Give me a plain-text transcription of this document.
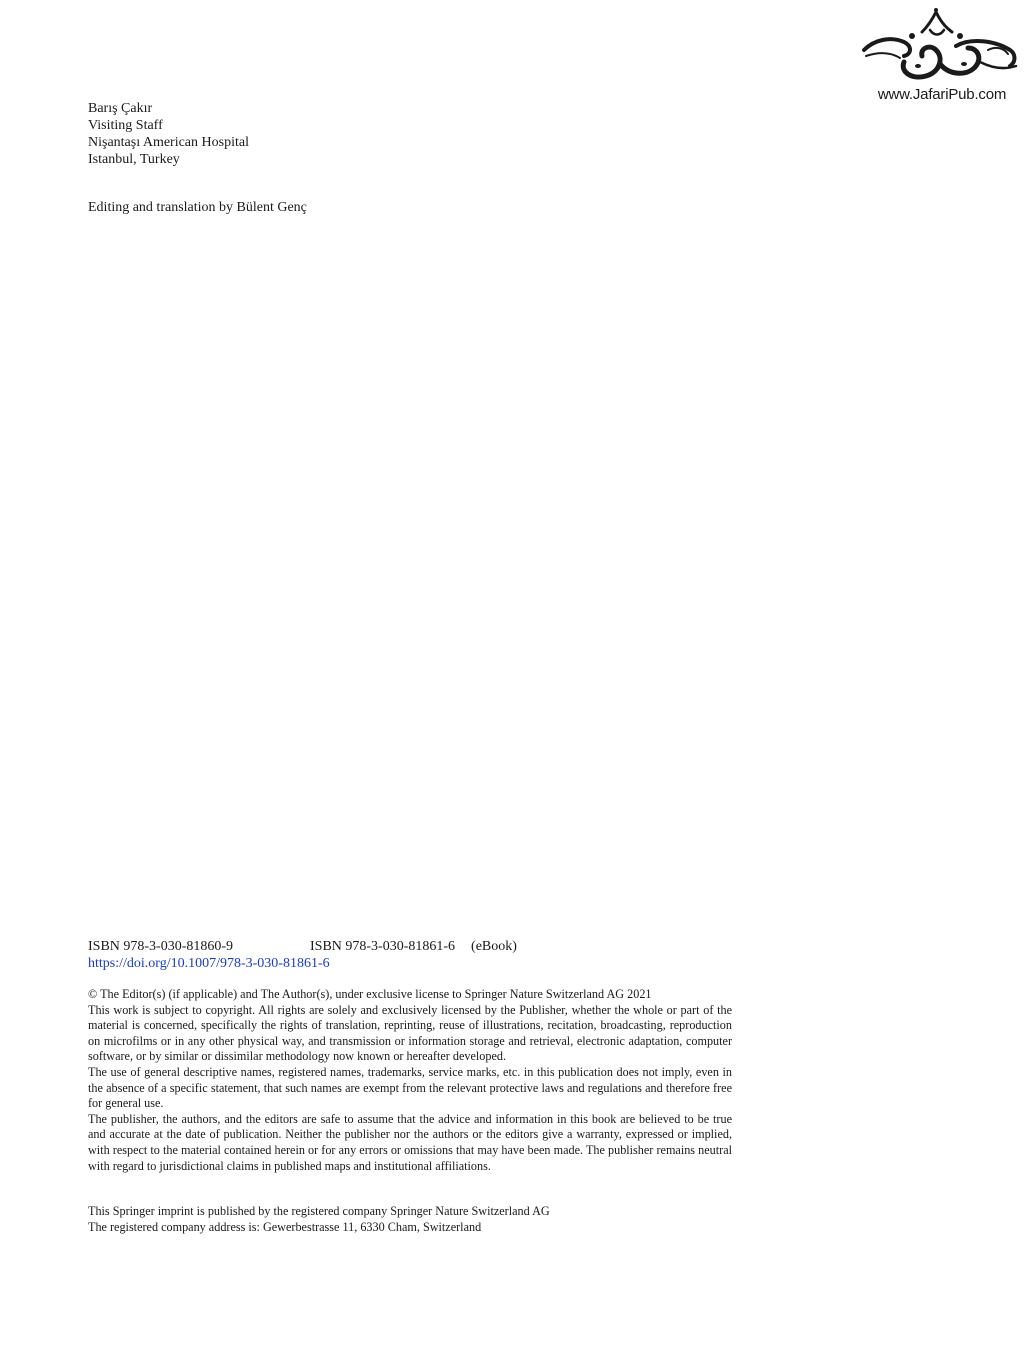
www.JafariPub.com
Barış Çakır
Visiting Staff
Nişantaşı American Hospital
Istanbul, Turkey
Editing and translation by Bülent Genç
ISBN 978-3-030-81860-9	ISBN 978-3-030-81861-6 (eBook)
https://doi.org/10.1007/978-3-030-81861-6

© The Editor(s) (if applicable) and The Author(s), under exclusive license to Springer Nature Switzerland AG 2021

This work is subject to copyright. All rights are solely and exclusively licensed by the Publisher, whether the whole or part of the material is concerned, specifically the rights of translation, reprinting, reuse of illustrations, recitation, broadcasting, reproduction on microfilms or in any other physical way, and transmission or information storage and retrieval, electronic adaptation, computer software, or by similar or dissimilar methodology now known or hereafter developed.

The use of general descriptive names, registered names, trademarks, service marks, etc. in this publication does not imply, even in the absence of a specific statement, that such names are exempt from the relevant protective laws and regulations and therefore free for general use.

The publisher, the authors, and the editors are safe to assume that the advice and information in this book are believed to be true and accurate at the date of publication. Neither the publisher nor the authors or the editors give a warranty, expressed or implied, with respect to the material contained herein or for any errors or omissions that may have been made. The publisher remains neutral with regard to jurisdictional claims in published maps and institutional affiliations.

This Springer imprint is published by the registered company Springer Nature Switzerland AG

The registered company address is: Gewerbestrasse 11, 6330 Cham, Switzerland
